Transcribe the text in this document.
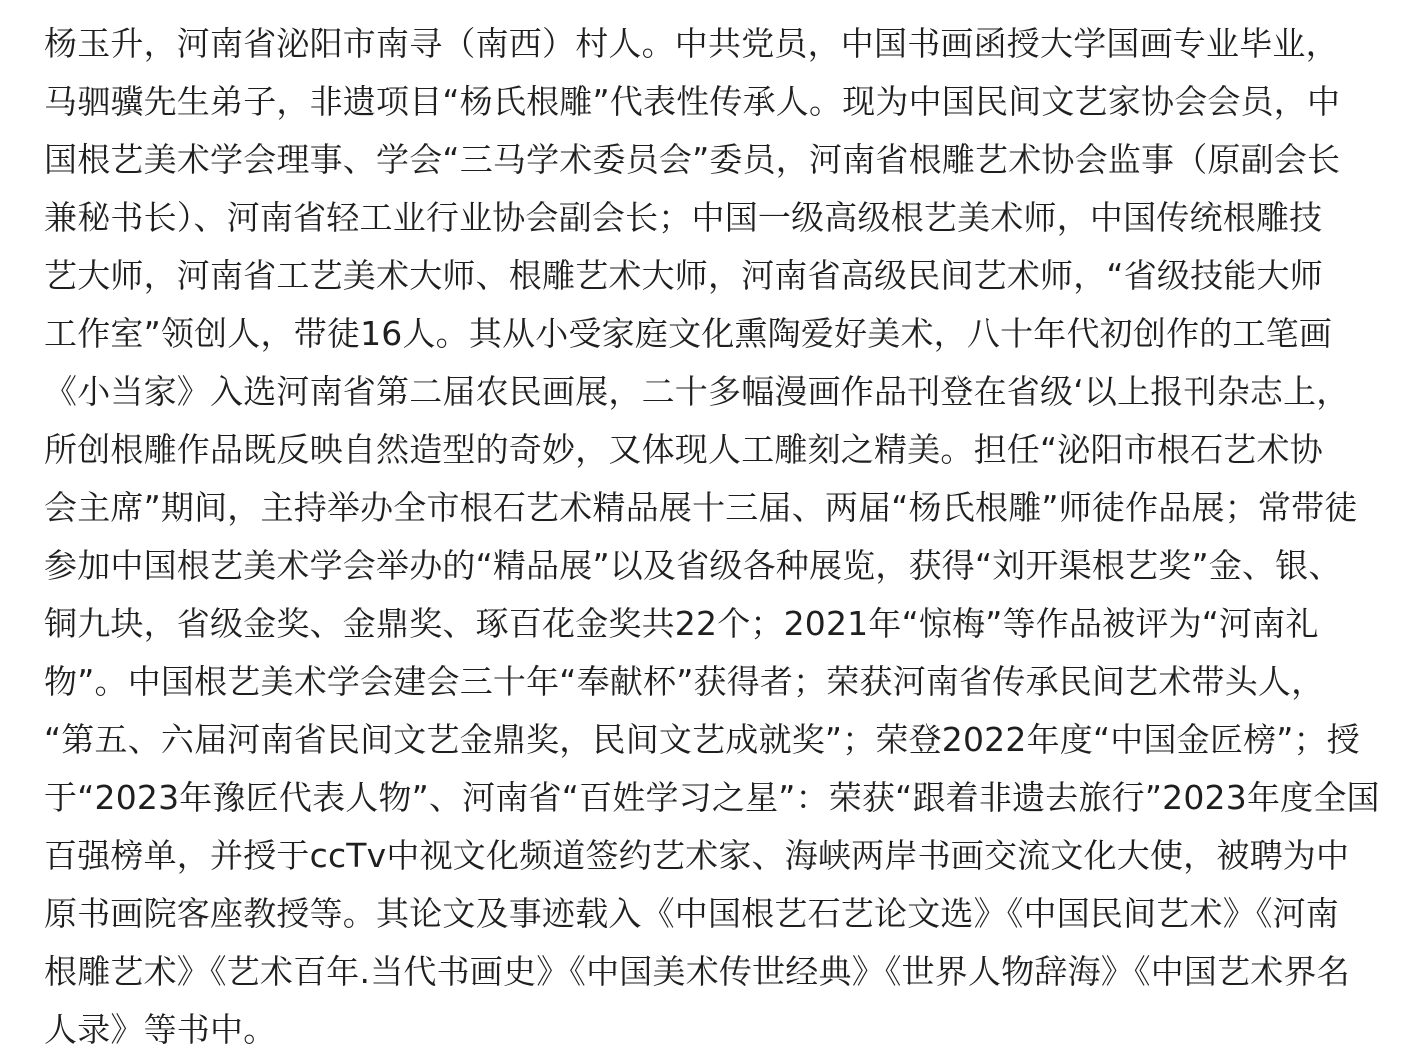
杨玉升，河南省泌阳市南寻（南西）村人。中共党员，中国书画函授大学国画专业毕业，
马驷骥先生弟子，非遗项目“杨氏根雕”代表性传承人。现为中国民间文艺家协会会员，中
国根艺美术学会理事、学会“三马学术委员会”委员，河南省根雕艺术协会监事（原副会长
兼秘书长）、河南省轻工业行业协会副会长；中国一级高级根艺美术师，中国传统根雕技
艺大师，河南省工艺美术大师、根雕艺术大师，河南省高级民间艺术师，“省级技能大师
工作室”领创人，带徒16人。其从小受家庭文化熏陶爱好美术，八十年代初创作的工笔画
《小当家》入选河南省第二届农民画展，二十多幅漫画作品刊登在省级‘以上报刊杂志上，
所创根雕作品既反映自然造型的奇妙，又体现人工雕刻之精美。担任“泌阳市根石艺术协
会主席”期间，主持举办全市根石艺术精品展十三届、两届“杨氏根雕”师徒作品展；常带徒
参加中国根艺美术学会举办的“精品展”以及省级各种展览，获得“刘开渠根艺奖”金、银、
铜九块，省级金奖、金鼎奖、琢百花金奖共22个；2021年“惊梅”等作品被评为“河南礼
物”。中国根艺美术学会建会三十年“奉献杯”获得者；荣获河南省传承民间艺术带头人，
“第五、六届河南省民间文艺金鼎奖，民间文艺成就奖”；荣登2022年度“中国金匠榜”；授
于“2023年豫匠代表人物”、河南省“百姓学习之星”：荣获“跟着非遗去旅行”2023年度全国
百强榜单，并授于ccTv中视文化频道签约艺术家、海峡两岸书画交流文化大使，被聘为中
原书画院客座教授等。其论文及事迹载入《中国根艺石艺论文选》《中国民间艺术》《河南
根雕艺术》《艺术百年.当代书画史》《中国美术传世经典》《世界人物辞海》《中国艺术界名
人录》等书中。
